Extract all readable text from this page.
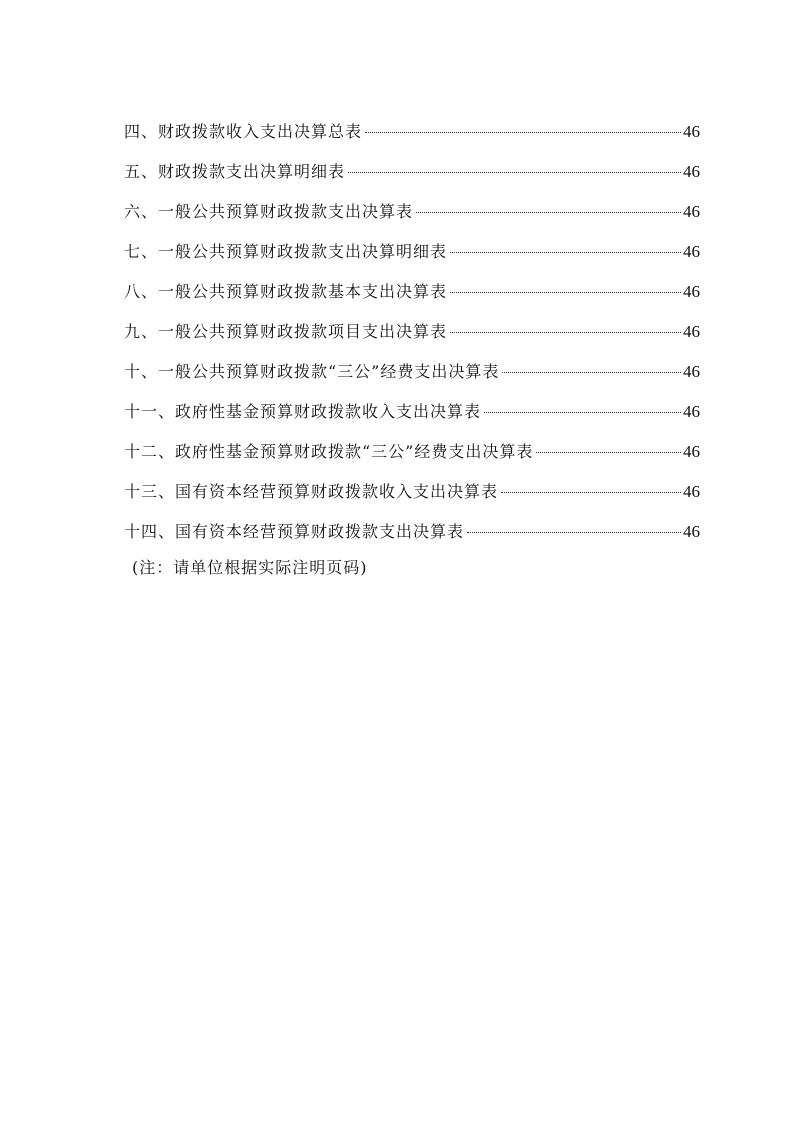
四、财政拨款收入支出决算总表	46
五、财政拨款支出决算明细表	46
六、一般公共预算财政拨款支出决算表	46
七、一般公共预算财政拨款支出决算明细表	46
八、一般公共预算财政拨款基本支出决算表	46
九、一般公共预算财政拨款项目支出决算表	46
十、一般公共预算财政拨款“三公”经费支出决算表	46
十一、政府性基金预算财政拨款收入支出决算表	46
十二、政府性基金预算财政拨款“三公”经费支出决算表	46
十三、国有资本经营预算财政拨款收入支出决算表	46
十四、国有资本经营预算财政拨款支出决算表	46
(注：请单位根据实际注明页码)
